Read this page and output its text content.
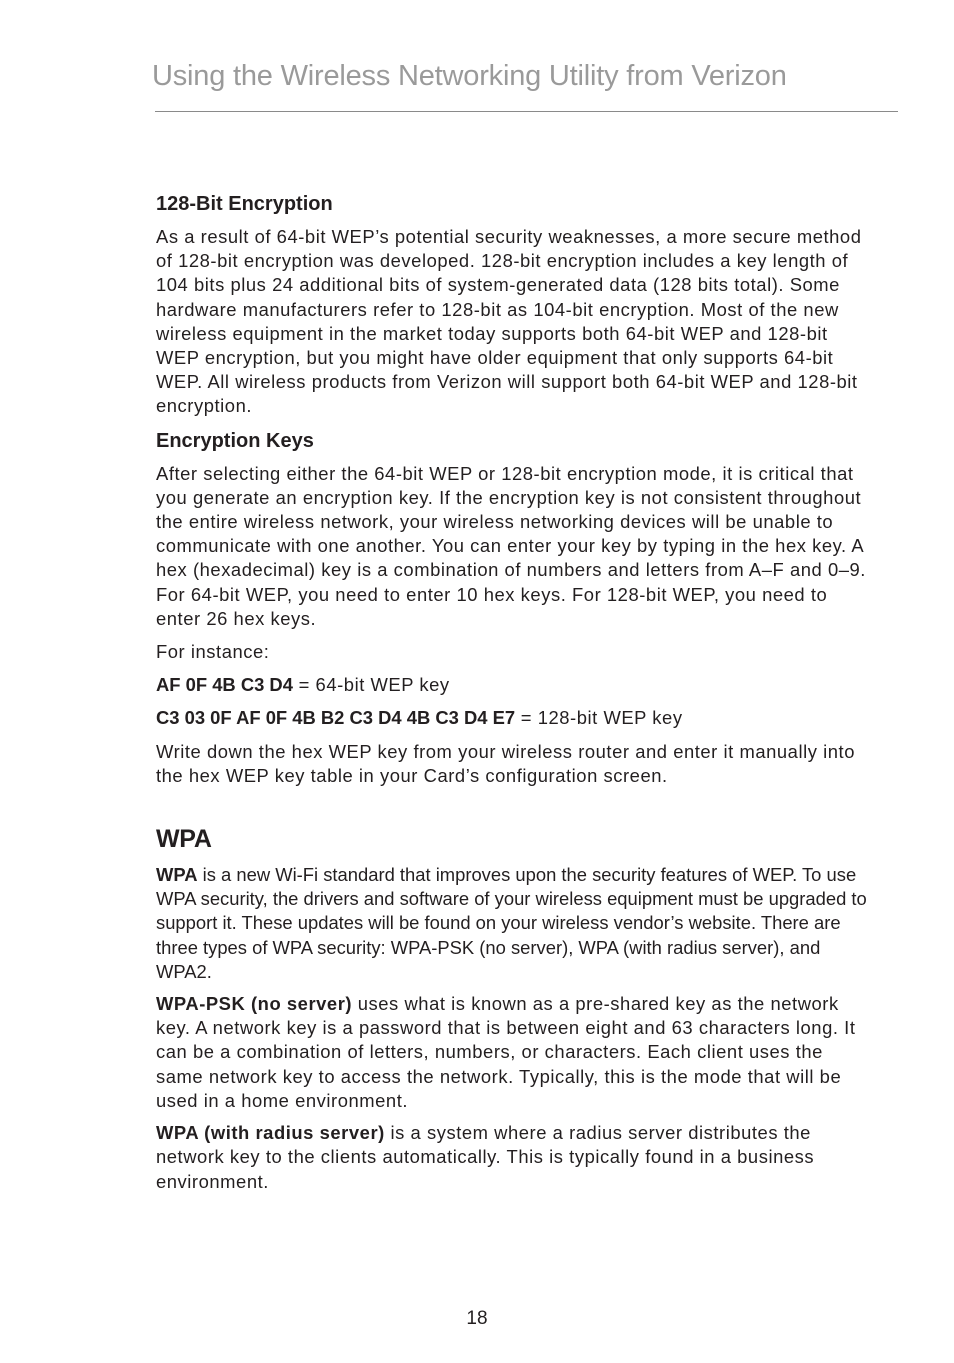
Using the Wireless Networking Utility from Verizon
128-Bit Encryption

As a result of 64-bit WEP’s potential security weaknesses, a more secure method of 128-bit encryption was developed. 128-bit encryption includes a key length of 104 bits plus 24 additional bits of system-generated data (128 bits total). Some hardware manufacturers refer to 128-bit as 104-bit encryption. Most of the new wireless equipment in the market today supports both 64-bit WEP and 128-bit WEP encryption, but you might have older equipment that only supports 64-bit WEP. All wireless products from Verizon will support both 64-bit WEP and 128-bit encryption.

Encryption Keys

After selecting either the 64-bit WEP or 128-bit encryption mode, it is critical that you generate an encryption key. If the encryption key is not consistent throughout the entire wireless network, your wireless networking devices will be unable to communicate with one another. You can enter your key by typing in the hex key. A hex (hexadecimal) key is a combination of numbers and letters from A–F and 0–9. For 64-bit WEP, you need to enter 10 hex keys. For 128-bit WEP, you need to enter 26 hex keys.

For instance:

AF 0F 4B C3 D4 = 64-bit WEP key

C3 03 0F AF 0F 4B B2 C3 D4 4B C3 D4 E7 = 128-bit WEP key

Write down the hex WEP key from your wireless router and enter it manually into the hex WEP key table in your Card’s configuration screen.

WPA

WPA is a new Wi-Fi standard that improves upon the security features of WEP. To use WPA security, the drivers and software of your wireless equipment must be upgraded to support it. These updates will be found on your wireless vendor’s website. There are three types of WPA security: WPA-PSK (no server), WPA (with radius server), and WPA2.

WPA-PSK (no server) uses what is known as a pre-shared key as the network key. A network key is a password that is between eight and 63 characters long. It can be a combination of letters, numbers, or characters. Each client uses the same network key to access the network. Typically, this is the mode that will be used in a home environment.

WPA (with radius server) is a system where a radius server distributes the network key to the clients automatically. This is typically found in a business environment.

18
